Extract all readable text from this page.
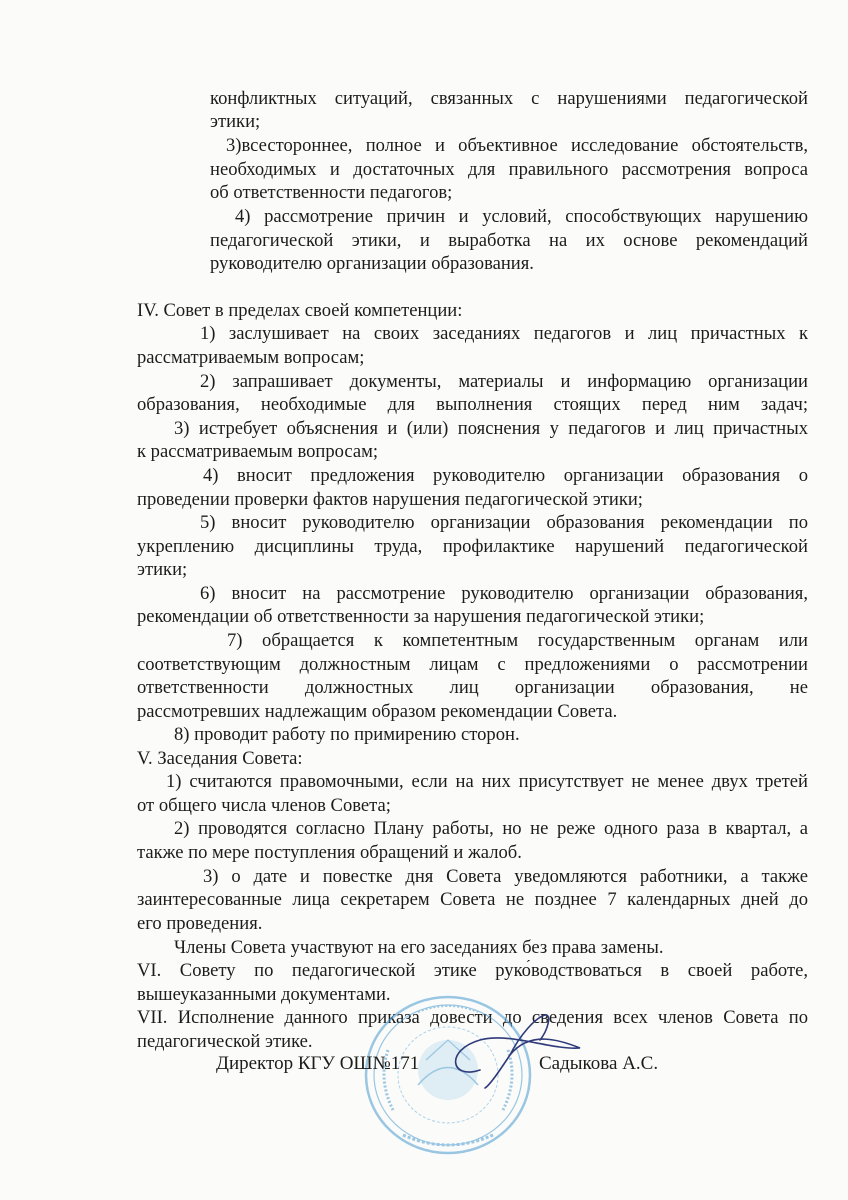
конфликтных ситуаций, связанных с нарушениями педагогической
этики;
3)всестороннее, полное и объективное исследование обстоятельств,
необходимых и достаточных для правильного рассмотрения вопроса
об ответственности педагогов;
4) рассмотрение причин и условий, способствующих нарушению
педагогической этики, и выработка на их основе рекомендаций
руководителю организации образования.
IV. Совет в пределах своей компетенции:
1) заслушивает на своих заседаниях педагогов и лиц причастных к
рассматриваемым вопросам;
2) запрашивает документы, материалы и информацию организации
образования, необходимые для выполнения стоящих перед ним задач;
3) истребует объяснения и (или) пояснения у педагогов и лиц причастных
к рассматриваемым вопросам;
4) вносит предложения руководителю организации образования о
проведении проверки фактов нарушения педагогической этики;
5) вносит руководителю организации образования рекомендации по
укреплению дисциплины труда, профилактике нарушений педагогической
этики;
6) вносит на рассмотрение руководителю организации образования,
рекомендации об ответственности за нарушения педагогической этики;
7) обращается к компетентным государственным органам или
соответствующим должностным лицам с предложениями о рассмотрении
ответственности должностных лиц организации образования, не
рассмотревших надлежащим образом рекомендации Совета.
8) проводит работу по примирению сторон.
V. Заседания Совета:
1) считаются правомочными, если на них присутствует не менее двух третей
от общего числа членов Совета;
2) проводятся согласно Плану работы, но не реже одного раза в квартал, а
также по мере поступления обращений и жалоб.
3) о дате и повестке дня Совета уведомляются работники, а также
заинтересованные лица секретарем Совета не позднее 7 календарных дней до
его проведения.
Члены Совета участвуют на его заседаниях без права замены.
VI. Совету по педагогической этике руко́водствоваться в своей работе,
вышеуказанными документами.
VII. Исполнение данного приказа довести до сведения всех членов Совета по
педагогической этике.
Директор КГУ ОШ№171	Садыкова А.С.
